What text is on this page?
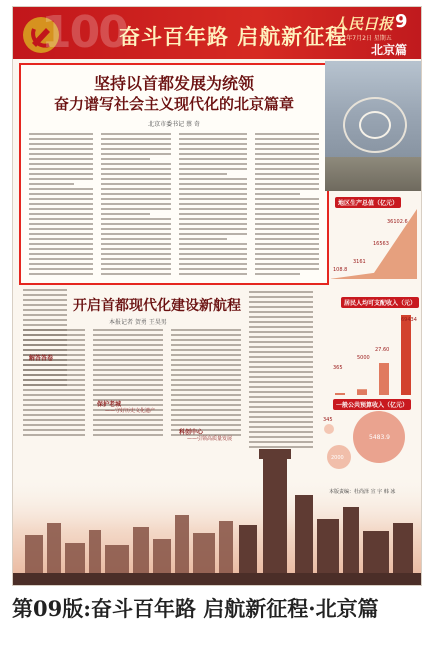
100
奋斗百年路 启航新征程
人民日报 9
2021年7月2日 星期五
北京篇
坚持以首都发展为统领
奋力谱写社会主义现代化的北京篇章
北京市委书记 蔡 奇
地区生产总值（亿元）
36102.6
16563
3161
108.8
开启首都现代化建设新航程
本报记者 贺勇 王昊男
解答答卷
保护老城
——守好历史文化遗产
科创中心
——引领高质量发展
居民人均可支配收入（元）
365
5000
27.60
69434
一般公共预算收入（亿元）
5483.9
2000
345
本版责编：杜尚泽 宣 宇 韩 冰
第09版:奋斗百年路 启航新征程·北京篇
